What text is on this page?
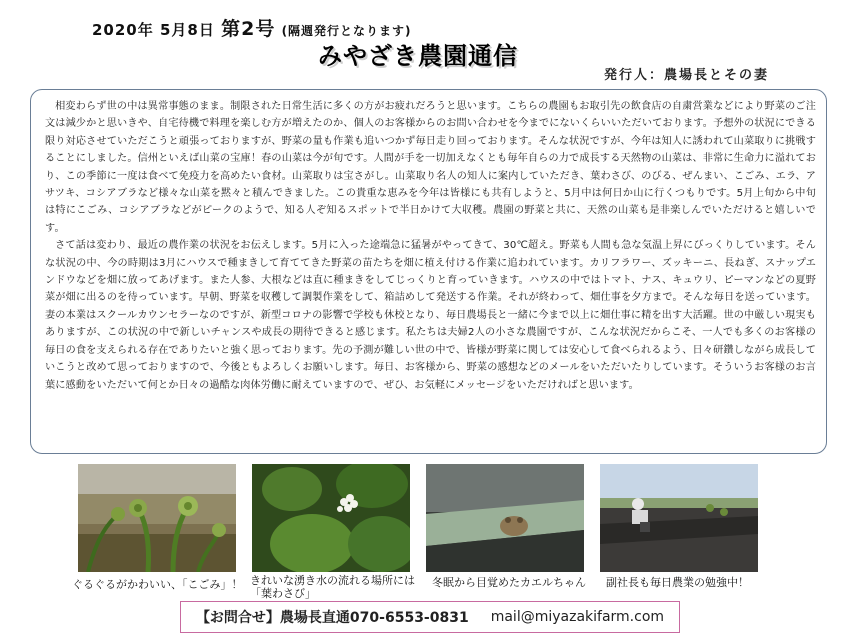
2020年 5月8日 第2号 (隔週発行となります)
みやざき農園通信
発行人：農場長とその妻

相変わらず世の中は異常事態のまま。制限された日常生活に多くの方がお疲れだろうと思います。こちらの農園もお取引先の飲食店の自粛営業などにより野菜のご注文は減少かと思いきや、自宅待機で料理を楽しむ方が増えたのか、個人のお客様からのお問い合わせを今までにないくらいいただいております。予想外の状況にできる限り対応させていただこうと頑張っておりますが、野菜の量も作業も追いつかず毎日走り回っております。そんな状況ですが、今年は知人に誘われて山菜取りに挑戦することにしました。信州といえば山菜の宝庫！春の山菜は今が旬です。人間が手を一切加えなくとも毎年自らの力で成長する天然物の山菜は、非常に生命力に溢れており、この季節に一度は食べて免疫力を高めたい食材。山菜取りは宝さがし。山菜取り名人の知人に案内していただき、葉わさび、のびる、ぜんまい、こごみ、エラ、アサツキ、コシアブラなど様々な山菜を黙々と積んできました。この貴重な恵みを今年は皆様にも共有しようと、5月中は何日か山に行くつもりです。5月上旬から中旬は特にこごみ、コシアブラなどがピークのようで、知る人ぞ知るスポットで半日かけて大収穫。農園の野菜と共に、天然の山菜も是非楽しんでいただけると嬉しいです。

さて話は変わり、最近の農作業の状況をお伝えします。5月に入った途端急に猛暑がやってきて、30℃超え。野菜も人間も急な気温上昇にびっくりしています。そんな状況の中、今の時期は3月にハウスで種まきして育ててきた野菜の苗たちを畑に植え付ける作業に追われています。カリフラワー、ズッキーニ、長ねぎ、スナップエンドウなどを畑に放ってあげます。また人参、大根などは直に種まきをしてじっくりと育っていきます。ハウスの中ではトマト、ナス、キュウリ、ピーマンなどの夏野菜が畑に出るのを待っています。早朝、野菜を収穫して調製作業をして、箱詰めして発送する作業。それが終わって、畑仕事を夕方まで。そんな毎日を送っています。妻の本業はスクールカウンセラーなのですが、新型コロナの影響で学校も休校となり、毎日農場長と一緒に今まで以上に畑仕事に精を出す大活躍。世の中厳しい現実もありますが、この状況の中で新しいチャンスや成長の期待できると感じます。私たちは夫婦2人の小さな農園ですが、こんな状況だからこそ、一人でも多くのお客様の毎日の食を支えられる存在でありたいと強く思っております。先の予測が難しい世の中で、皆様が野菜に関しては安心して食べられるよう、日々研鑽しながら成長していこうと改めて思っておりますので、今後ともよろしくお願いします。毎日、お客様から、野菜の感想などのメールをいただいたりしています。そういうお客様のお言葉に感動をいただいて何とか日々の過酷な肉体労働に耐えていますので、ぜひ、お気軽にメッセージをいただければと思います。

ぐるぐるがかわいい、「こごみ」！ きれいな湧き水の流れる場所には
「葉わさび」
冬眠から目覚めたカエルちゃん 副社長も毎日農業の勉強中！
【お問合せ】農場長直通070-6553-0831 mail@miyazakifarm.com
